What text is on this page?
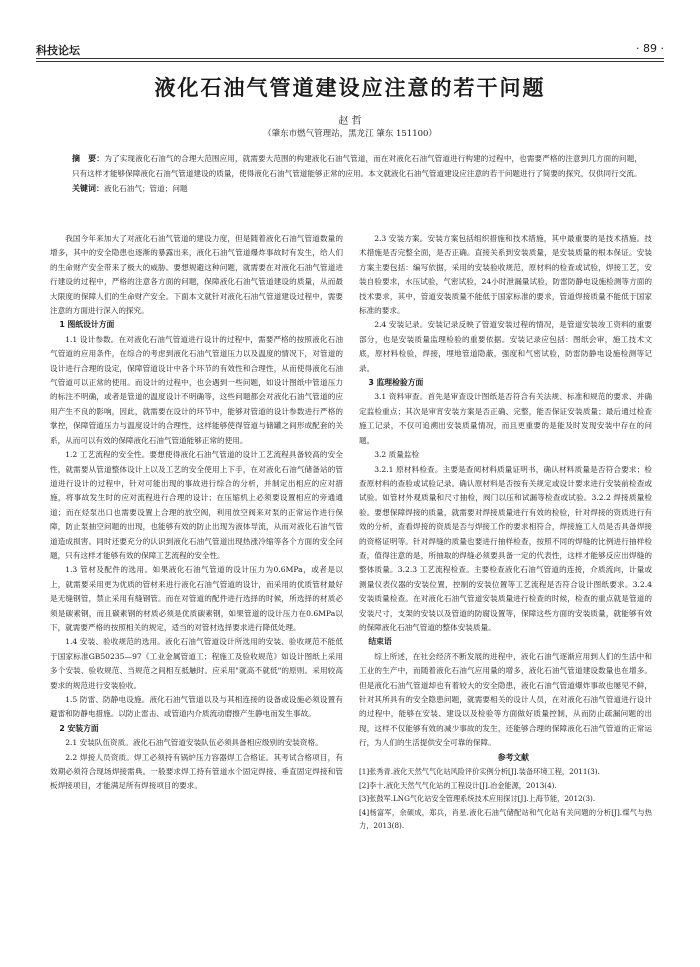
科技论坛	· 89 ·
液化石油气管道建设应注意的若干问题
赵 哲
（肇东市燃气管理站，黑龙江 肇东 151100）
摘　要：为了实现液化石油气的合理大范围应用，就需要大范围的构建液化石油气管道，而在对液化石油气管道进行构建的过程中，也需要严格的注意到几方面的问题，只有这样才能够保障液化石油气管道建设的质量，使得液化石油气管道能够正常的应用。本文就液化石油气管道建设应注意的若干问题进行了简要的探究，仅供同行交流。
关键词：液化石油气；管道；问题

我国今年来加大了对液化石油气管道的建设力度，但是随着液化石油气管道数量的增多，其中的安全隐患也逐渐的暴露出来，液化石油气管道爆炸事故时有发生，给人们的生命财产安全带来了极大的威胁。要想规避这种问题，就需要在对液化石油气管道进行建设的过程中，严格的注意各方面的问题，保障液化石油气管道建设的质量，从而最大限度的保障人们的生命财产安全。下面本文就针对液化石油气管道建设过程中，需要注意的方面进行深入的探究。

1 图纸设计方面

1.1 设计参数。在对液化石油气管道进行设计的过程中，需要严格的按照液化石油气管道的应用条件，在综合的考虑到液化石油气管道压力以及温度的情况下，对管道的设计进行合理的设定，保障管道设计中各个环节的有效性和合理性，从而使得液化石油气管道可以正常的使用。而设计的过程中，也会遇到一些问题，如设计图纸中管道压力的标注不明确，或者是管道的温度设计不明确等，这些问题都会对液化石油气管道的应用产生不良的影响，因此，就需要在设计的环节中，能够对管道的设计参数进行严格的掌控，保障管道压力与温度设计的合理性，这样能够使得管道与储罐之间形成配套的关系，从而可以有效的保障液化石油气管道能够正常的使用。

1.2 工艺流程的安全性。要想使得液化石油气管道的设计工艺流程具备较高的安全性，就需要从管道整体设计上以及工艺的安全使用上下手，在对液化石油气储备站的管道进行设计的过程中，针对可能出现的事故进行综合的分析，并制定出相应的应对措施，将事故发生时的应对流程进行合理的设计；在压缩机上必须要设置相应的旁通通道；而在烃泵出口也需要设置上合理的放空阀，利用放空阀来对泵的正常运作进行保障，防止泵抽空问题的出现，也能够有效的防止出现为液体导流，从而对液化石油气管道造成损害。同时还要充分的认识到液化石油气管道出现热涨冷缩等各个方面的安全问题，只有这样才能够有效的保障工艺流程的安全性。

1.3 管材及配件的选用。如果液化石油气管道的设计压力为0.6MPa，或者是以上，就需要采用更为优质的管材来进行液化石油气管道的设计，而采用的优质管材最好是无缝钢管，禁止采用有缝钢管。而在对管道的配件进行选择的时候，所选择的材质必须是碳素钢，而且碳素钢的材质必须是优质碳素钢，如果管道的设计压力在0.6MPa以下，就需要严格的按照相关的规定，适当的对管材选择要求进行降低处理。

1.4 安装、验收规范的选用。液化石油气管道设计所选用的安装、验收规范不能低于国家标准GB50235—97《工业金属管道工；程施工及验收规范》如设计图纸上采用多个安装、验收规范、当规范之间相互抵触时。应采用"就高不就低"的原则。采用较高要求的规范进行安装验收。

1.5 防雷、防静电设施。液化石油气管道以及与其相连接的设备或设施必须设置有避雷和防静电措施。以防止雷击、或管道内介质流动磨擦产生静电而发生事故。

2 安装方面

2.1 安装队伍资质。液化石油气管道安装队伍必须具备相应级别的安装资格。

2.2 焊接人员资质。焊工必须持有锅炉压力容器焊工合格证。其考试合格项目，有效期必须符合现场焊接需典。一般要求焊工持有管道水个固定焊接、垂直固定焊接和管板焊接项目，才能满足所有焊接项目的要求。

2.3 安装方案。安装方案包括组织措施和技术措施，其中最重要的是技术措施。技术措施是否完整全面，是否正确。直接关系到安装质量，是安装质量的根本保证。安装方案主要包括：编写依据，采用的安装验收规范，原材料的检查或试验，焊接工艺，安装自验要求，水压试验，气密试验，24小时泄漏量试验，防雷防静电设施检测等方面的技术要求，其中，管道安装质量不能低于国家标准的要求，管道焊接质量不能低于国家标准的要求。

2.4 安装记录。安装记录反映了管道安装过程的情况，是管道安装竣工资料的重要部分，也是安装质量监理检验的重要依据。安装记录应包括：图纸会审，施工技术文底，原材料检验，焊接，埋地管道隐蔽，强度和气密试验，防雷防静电设施检测等记录。

3 监理检验方面

3.1 资料审查。首先是审查设计图纸是否符合有关法规、标准和规范的要求、并确定监检重点；其次是审宵安装方案是否正确、完整，能否保证安装质量；最后通过检查施工记录，不仅可追溯出安装质量情况，而且更重要的是能及时发现安装中存在的问题。

3.2 质量监检

3.2.1 原材料检查。主要是查阅材料质量证明书，确认材料质量是否符合要求；检查原材料的查验或试验记录。确认原材料是否按有关规定或设计要求进行安装前检查或试验。如管材外观质量和尺寸抽检，阀门以压和试漏等检查或试验。3.2.2 焊接质量检验。要想保障焊接的质量，就需要对焊接质量进行有效的检验，针对焊接的资质进行有效的分析，查看焊接的资质是否与焊接工作的要求相符合，焊接施工人员是否具备焊接的资格证明等。针对焊缝的质量也要进行抽样检查，按照不同的焊缝的比例进行抽样检查，值得注意的是，所抽取的焊缝必须要具备一定的代表性，这样才能够反应出焊缝的整体质量。3.2.3 工艺流程检查。主要检查液化石油气管道的连接，介质流向，计量或测量仪表仪器的安装位置，控制的安装位置等工艺流程是否符合设计图纸要求。3.2.4 安装质量检查。在对液化石油气管道安装质量进行检查的时候，检查的重点就是管道的安装尺寸，支架的安装以及管道的防腐设置等，保障这些方面的安装质量，就能够有效的保障液化石油气管道的整体安装质量。

结束语

综上所述，在社会经济不断发展的进程中，液化石油气逐渐应用到人们的生活中和工业的生产中，而随着液化石油气应用量的增多，液化石油气管道建设数量也在增多。但是液化石油气管道却也有着较大的安全隐患，液化石油气管道爆炸事故也屡见不鲜，针对其所具有的安全隐患问题，就需要相关的设计人员，在对液化石油气管道进行设计的过程中，能够在安装、建设以及检验等方面做好质量控制，从而防止疏漏问题的出现，这样不仅能够有效的减少事故的发生，还能够合理的保障液化石油气管道的正常运行，为人们的生活提供安全可靠的保障。

参考文献

[1]张秀青.液化天然气气化站风险评价实例分析[J].装备环境工程，2011(3).

[2]李十.液化天然气气化站的工程设计[J].冶金能源，2013(4).

[3]张鼓军.LNG气化站安全管理系统技术应用探讨[J].上海节能，2012(3).

[4]杨富军，余硕成，郑兵，肖星.液化石油气储配站和气化站有关问题的分析[J].煤气与热力，2013(8).
